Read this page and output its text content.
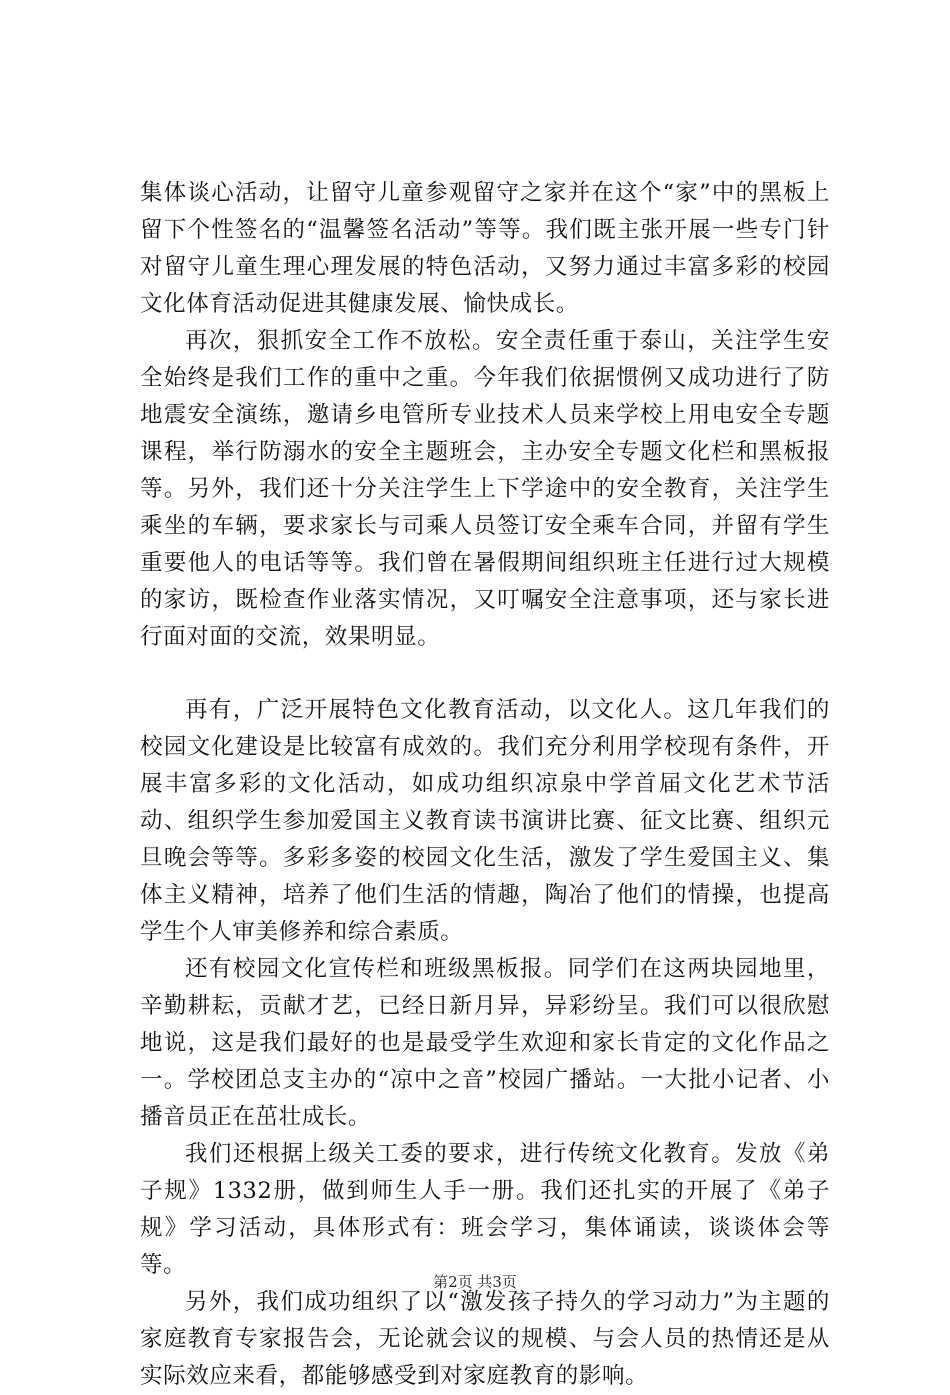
集体谈心活动，让留守儿童参观留守之家并在这个“家”中的黑板上留下个性签名的“温馨签名活动”等等。我们既主张开展一些专门针对留守儿童生理心理发展的特色活动，又努力通过丰富多彩的校园文化体育活动促进其健康发展、愉快成长。

再次，狠抓安全工作不放松。安全责任重于泰山，关注学生安全始终是我们工作的重中之重。今年我们依据惯例又成功进行了防地震安全演练，邀请乡电管所专业技术人员来学校上用电安全专题课程，举行防溺水的安全主题班会，主办安全专题文化栏和黑板报等。另外，我们还十分关注学生上下学途中的安全教育，关注学生乘坐的车辆，要求家长与司乘人员签订安全乘车合同，并留有学生重要他人的电话等等。我们曾在暑假期间组织班主任进行过大规模的家访，既检查作业落实情况，又叮嘱安全注意事项，还与家长进行面对面的交流，效果明显。

再有，广泛开展特色文化教育活动，以文化人。这几年我们的校园文化建设是比较富有成效的。我们充分利用学校现有条件，开展丰富多彩的文化活动，如成功组织凉泉中学首届文化艺术节活动、组织学生参加爱国主义教育读书演讲比赛、征文比赛、组织元旦晚会等等。多彩多姿的校园文化生活，激发了学生爱国主义、集体主义精神，培养了他们生活的情趣，陶冶了他们的情操，也提高学生个人审美修养和综合素质。

还有校园文化宣传栏和班级黑板报。同学们在这两块园地里，辛勤耕耘，贡献才艺，已经日新月异，异彩纷呈。我们可以很欣慰地说，这是我们最好的也是最受学生欢迎和家长肯定的文化作品之一。学校团总支主办的“凉中之音”校园广播站。一大批小记者、小播音员正在茁壮成长。

我们还根据上级关工委的要求，进行传统文化教育。发放《弟子规》1332册，做到师生人手一册。我们还扎实的开展了《弟子规》学习活动，具体形式有：班会学习，集体诵读，谈谈体会等等。

另外，我们成功组织了以“激发孩子持久的学习动力”为主题的家庭教育专家报告会，无论就会议的规模、与会人员的热情还是从实际效应来看，都能够感受到对家庭教育的影响。

第2页 共3页
